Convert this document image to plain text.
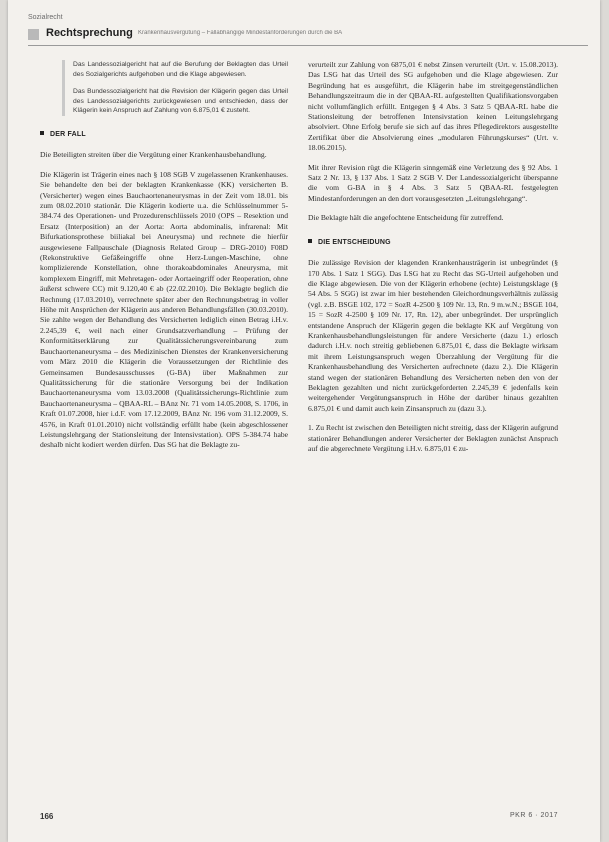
Sozialrecht
Rechtsprechung Krankenhausvergütung – Fallabhängige Mindestanforderungen durch die BA

Das Landessozialgericht hat auf die Berufung der Beklagten das Urteil des Sozialgerichts aufgehoben und die Klage abgewiesen.

Das Bundessozialgericht hat die Revision der Klägerin gegen das Urteil des Landessozialgerichts zurückgewiesen und entschieden, dass der Klägerin kein Anspruch auf Zahlung von 6.875,01 € zusteht.

DER FALL

Die Beteiligten streiten über die Vergütung einer Krankenhausbehandlung.

Die Klägerin ist Trägerin eines nach § 108 SGB V zugelassenen Krankenhauses. Sie behandelte den bei der beklagten Krankenkasse (KK) versicherten B. (Versicherter) wegen eines Bauchaortenaneurysmas in der Zeit vom 18.01. bis zum 08.02.2010 stationär. Die Klägerin kodierte u.a. die Schlüsselnummer 5-384.74 des Operationen- und Prozedurenschlüssels 2010 (OPS – Resektion und Ersatz (Interposition) an der Aorta: Aorta abdominalis, infrarenal: Mit Bifurkationsprothese biiliakal bei Aneurysma) und rechnete die hierfür ausgewiesene Fallpauschale (Diagnosis Related Group – DRG-2010) F08D (Rekonstruktive Gefäßeingriffe ohne Herz-Lungen-Maschine, ohne komplizierende Konstellation, ohne thorakoabdominales Aneurysma, mit komplexem Eingriff, mit Mehretagen- oder Aortaeingriff oder Reoperation, ohne äußerst schwere CC) mit 9.120,40 € ab (22.02.2010). Die Beklagte beglich die Rechnung (17.03.2010), verrechnete später aber den Rechnungsbetrag in voller Höhe mit Ansprüchen der Klägerin aus anderen Behandlungsfällen (30.03.2010). Sie zahlte wegen der Behandlung des Versicherten lediglich einen Betrag i.H.v. 2.245,39 €, weil nach einer Grundsatzverhandlung – Prüfung der Konformitätserklärung zur Qualitätssicherungsvereinbarung zum Bauchaortenaneurysma – des Medizinischen Dienstes der Krankenversicherung vom März 2010 die Klägerin die Voraussetzungen der Richtlinie des Gemeinsamen Bundesausschusses (G-BA) über Maßnahmen zur Qualitätssicherung für die stationäre Versorgung bei der Indikation Bauchaortenaneurysma vom 13.03.2008 (Qualitätssicherungs-Richtlinie zum Bauchaortenaneurysma – QBAA-RL – BAnz Nr. 71 vom 14.05.2008, S. 1706, in Kraft 01.07.2008, hier i.d.F. vom 17.12.2009, BAnz Nr. 196 vom 31.12.2009, S. 4576, in Kraft 01.01.2010) nicht vollständig erfüllt habe (kein abgeschlossener Leistungslehrgang der Stationsleitung der Intensivstation). OPS 5-384.74 habe deshalb nicht kodiert werden dürfen. Das SG hat die Beklagte zu-

verurteilt zur Zahlung von 6875,01 € nebst Zinsen verurteilt (Urt. v. 15.08.2013). Das LSG hat das Urteil des SG aufgehoben und die Klage abgewiesen. Zur Begründung hat es ausgeführt, die Klägerin habe im streitgegenständlichen Behandlungszeitraum die in der QBAA-RL aufgestellten Qualifikationsvorgaben nicht vollumfänglich erfüllt. Entgegen § 4 Abs. 3 Satz 5 QBAA-RL habe die Stationsleitung der betroffenen Intensivstation keinen Leitungslehrgang absolviert. Ohne Erfolg berufe sie sich auf das ihres Pflegedirektors ausgestellte Zertifikat über die Absolvierung eines „modularen Führungskurses“ (Urt. v. 18.06.2015).

Mit ihrer Revision rügt die Klägerin sinngemäß eine Verletzung des § 92 Abs. 1 Satz 2 Nr. 13, § 137 Abs. 1 Satz 2 SGB V. Der Landessozialgericht überspanne die vom G-BA in § 4 Abs. 3 Satz 5 QBAA-RL festgelegten Mindestanforderungen an den dort vorausgesetzten „Leitungslehrgang“.

Die Beklagte hält die angefochtene Entscheidung für zutreffend.

DIE ENTSCHEIDUNG

Die zulässige Revision der klagenden Krankenhausträgerin ist unbegründet (§ 170 Abs. 1 Satz 1 SGG). Das LSG hat zu Recht das SG-Urteil aufgehoben und die Klage abgewiesen. Die von der Klägerin erhobene (echte) Leistungsklage (§ 54 Abs. 5 SGG) ist zwar im hier bestehenden Gleichordnungsverhältnis zulässig (vgl. z.B. BSGE 102, 172 = SozR 4-2500 § 109 Nr. 13, Rn. 9 m.w.N.; BSGE 104, 15 = SozR 4-2500 § 109 Nr. 17, Rn. 12), aber unbegründet. Der ursprünglich entstandene Anspruch der Klägerin gegen die beklagte KK auf Vergütung von Krankenhausbehandlungsleistungen für andere Versicherte (dazu 1.) erlosch dadurch i.H.v. noch streitig gebliebenen 6.875,01 €, dass die Beklagte wirksam mit ihrem Leistungsanspruch wegen Überzahlung der Vergütung für die Krankenhausbehandlung des Versicherten aufrechnete (dazu 2.). Die Klägerin stand wegen der stationären Behandlung des Versicherten neben den von der Beklagten gezahlten und nicht zurückgeforderten 2.245,39 € jedenfalls kein weitergehender Vergütungsanspruch in Höhe der darüber hinaus gezahlten 6.875,01 € und damit auch kein Zinsanspruch zu (dazu 3.).

1. Zu Recht ist zwischen den Beteiligten nicht streitig, dass der Klägerin aufgrund stationärer Behandlungen anderer Versicherter der Beklagten zunächst Anspruch auf die abgerechnete Vergütung i.H.v. 6.875,01 € zu-

166	PKR 6 · 2017
